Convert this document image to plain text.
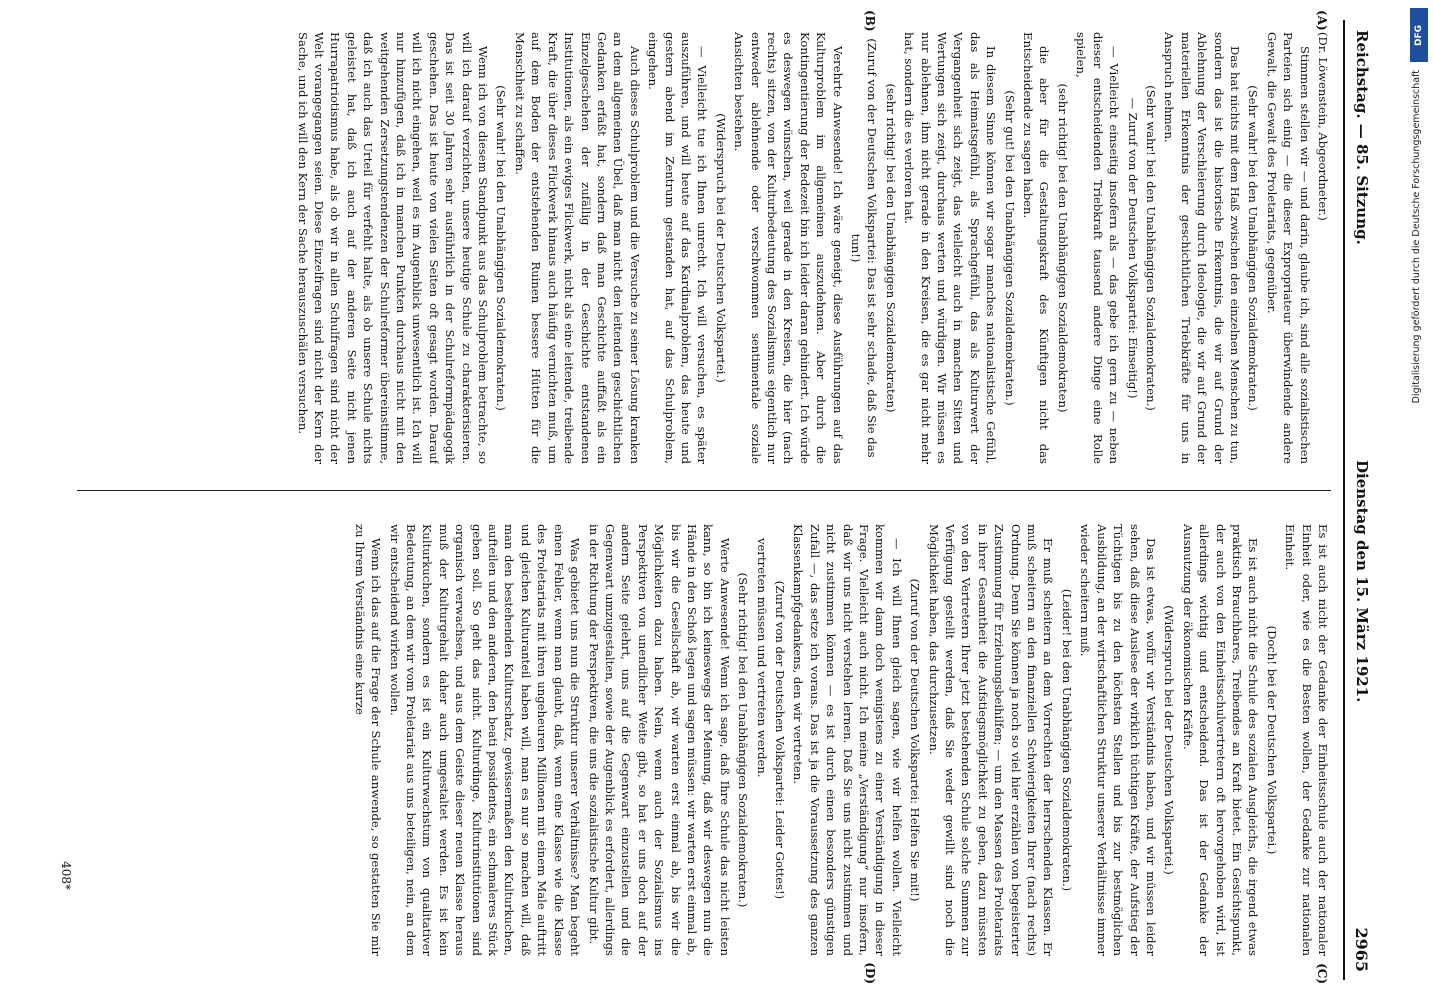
Reichstag. — 85. Sitzung.
Dienstag den 15. März 1921.
2965

(Dr. Löwenstein, Abgeordneter.)

Stimmen stellen wir — und darin, glaube ich, sind alle sozialistischen Parteien sich einig — die dieser Expropriateur überwindende andere Gewalt, die Gewalt des Proletariats, gegenüber.

(Sehr wahr! bei den Unabhängigen Sozialdemokraten.)

Das hat nichts mit dem Haß zwischen den einzelnen Menschen zu tun, sondern das ist die historische Erkenntnis, die wir auf Grund der Ablehnung der Verschleierung durch Ideologie, die wir auf Grund der materiellen Erkenntnis der geschichtlichen Triebkräfte für uns in Anspruch nehmen.

(Sehr wahr! bei den Unabhängigen Sozialdemokraten.)

— Zuruf von der Deutschen Volkspartei: Einseitig!)

— Vielleicht einseitig insofern als — das gebe ich gern zu — neben dieser entscheidenden Triebkraft tausend andere Dinge eine Rolle spielen,

(sehr richtig! bei den Unabhängigen Sozialdemokraten)

die aber für die Gestaltungskraft des Künftigen nicht das Entscheidende zu sagen haben.

(Sehr gut! bei den Unabhängigen Sozialdemokraten.)

In diesem Sinne können wir sogar manches nationalistische Gefühl, das als Heimatsgefühl, als Sprachgefühl, das als Kulturwert der Vergangenheit sich zeigt, das vielleicht auch in manchen Sitten und Wertungen sich zeigt, durchaus werten und würdigen. Wir müssen es nur ablehnen, ihm nicht gerade in den Kreisen, die es gar nicht mehr hat, sondern die es verloren hat.

(sehr richtig! bei den Unabhängigen Sozialdemokraten)

(Zuruf von der Deutschen Volkspartei: Das ist sehr schade, daß Sie das tun!)

Verehrte Anwesende! Ich wäre geneigt, diese Ausführungen auf das Kulturproblem im allgemeinen auszudehnen. Aber durch die Kontingentierung der Redezeit bin ich leider daran gehindert. Ich würde es deswegen wünschen, weil gerade in den Kreisen, die hier (nach rechts) sitzen, von der Kulturbedeutung des Sozialismus eigentlich nur entweder ablehnende oder verschwommen sentimentale soziale Ansichten bestehen.

(Widerspruch bei der Deutschen Volkspartei.)

— Vielleicht tue ich Ihnen unrecht. Ich will versuchen, es später auszuführen, und will heute auf das Kardinalproblem, das heute und gestern abend im Zentrum gestanden hat, auf das Schulproblem, eingehen.

Auch dieses Schulproblem und die Versuche zu seiner Lösung kranken an dem allgemeinen Übel, daß man nicht den leitenden geschichtlichen Gedanken erfaßt hat, sondern daß man Geschichte auffaßt als ein Einzelgeschehen der zufällig in der Geschichte entstandenen Institutionen, als ein ewiges Flickwerk, nicht als eine leitende, treibende Kraft, die über dieses Flickwerk hinaus auch häufig vernichten muß, um auf dem Boden der entstehenden Ruinen bessere Hütten für die Menschheit zu schaffen.

(Sehr wahr! bei den Unabhängigen Sozialdemokraten.)

Wenn ich von diesem Standpunkt aus das Schulproblem betrachte, so will ich darauf verzichten, unsere heutige Schule zu charakterisieren. Das ist seit 30 Jahren sehr ausführlich in der Schulreformpädagogik geschehen. Das ist heute von vielen Seiten oft gesagt worden. Darauf will ich nicht eingehen, weil es im Augenblick unwesentlich ist. Ich will nur hinzufügen, daß ich in manchen Punkten durchaus nicht mit den weitgehenden Zersetzungstendenzen der Schulreformer übereinstimme, daß ich auch das Urteil für verfehlt halte, als ob unsere Schule nichts geleistet hat, daß ich auch auf der anderen Seite nicht jenen Hurrapatriotismus habe, als ob wir in allen Schulfragen sind nicht der Welt vorangegangen seien. Diese Einzelfragen sind nicht der Kern der Sache, und ich will den Kern der Sache herauszuschälen versuchen.

Es ist auch nicht der Gedanke der Einheitsschule auch der nationaler Einheit oder, wie es die Besten wollen, der Gedanke zur nationalen Einheit.

(Doch! bei der Deutschen Volkspartei.)

Es ist auch nicht die Schule des sozialen Ausgleichs, die irgend etwas praktisch Brauchbares, Treibendes an Kraft bietet. Ein Gesichtspunkt, der auch von den Einheitsschulvertretern oft hervorgehoben wird, ist allerdings wichtig und entscheidend. Das ist der Gedanke der Ausnutzung der ökonomischen Kräfte.

(Widerspruch bei der Deutschen Volkspartei.)

Das ist etwas, wofür wir Verständnis haben, und wir müssen leider sehen, daß diese Auslese der wirklich tüchtigen Kräfte, der Aufstieg der Tüchtigen bis zu den höchsten Stellen und bis zur bestmöglichen Ausbildung, an der wirtschaftlichen Struktur unserer Verhältnisse immer wieder scheitern muß.

(Leider! bei den Unabhängigen Sozialdemokraten.)

Er muß scheitern an dem Vorrechten der herrschenden Klassen. Er muß scheitern an den finanziellen Schwierigkeiten Ihrer (nach rechts) Ordnung. Denn Sie können ja noch so viel hier erzählen von begeisterter Zustimmung für Erziehungsbeihilfen; — um den Massen des Proletariats in ihrer Gesamtheit die Aufstiegsmöglichkeit zu geben, dazu müssten von den Vertretern Ihrer jetzt bestehenden Schule solche Summen zur Verfügung gestellt werden, daß Sie weder gewillt sind noch die Möglichkeit haben, das durchzusetzen.

(Zuruf von der Deutschen Volkspartei: Helfen Sie mit!)

— Ich will Ihnen gleich sagen, wie wir helfen wollen. Vielleicht kommen wir dann doch wenigstens zu einer Verständigung in dieser Frage. Vielleicht auch nicht. Ich meine „Verständigung“ nur insofern, daß wir uns nicht verstehen lernen. Daß Sie uns nicht zustimmen und nicht zustimmen können — es ist durch einen besonders günstigen Zufall —, das setze ich voraus. Das ist ja die Voraussetzung des ganzen Klassenkampfgedankens, den wir vertreten.

(Zuruf von der Deutschen Volkspartei: Leider Gottes!)

vertreten müssen und vertreten werden.

(Sehr richtig! bei den Unabhängigen Sozialdemokraten.)

Werte Anwesende! Wenn ich sage, daß Ihre Schule das nicht leisten kann, so bin ich keineswegs der Meinung, daß wir deswegen nun die Hände in den Schoß legen und sagen müssen: wir warten erst einmal ab, bis wir die Gesellschaft ab, wir warten erst einmal ab, bis wir die Möglichkeiten dazu haben. Nein, wenn auch der Sozialismus ins Perspektiven von unendlicher Weite gibt, so hat er uns doch auf der andern Seite gelehrt, uns auf die Gegenwart einzustellen und die Gegenwart umzugestalten, sowie der Augenblick es erfordert, allerdings in der Richtung der Perspektiven, die uns die sozialistische Kultur gibt.

Was gebietet uns nun die Struktur unserer Verhältnisse? Man begeht einen Fehler, wenn man glaubt, daß, wenn eine Klasse wie die Klasse des Proletariats mit ihren ungeheuren Millionen mit einem Male auftritt und gleichen Kulturanteil haben will, man es nur so machen will, daß man den bestehenden Kulturschatz, gewissermaßen den Kulturkuchen, aufteilen und den anderen, den beati possidentes, ein schmaleres Stück geben soll. So geht das nicht. Kulturdinge, Kulturinstitutionen sind organisch verwachsen, und aus dem Geiste dieser neuen Klasse heraus muß der Kulturgehalt daher auch umgestaltet werden. Es ist kein Kulturkuchen, sondern es ist ein Kulturwachstum von qualitativer Bedeutung, an dem wir vom Proletariat aus uns beteiligen, nein, an dem wir entscheidend wirken wollen.

Wenn ich das auf die Frage der Schule anwende, so gestatten Sie mir zu Ihrem Verständnis eine kurze

(A)
(B)
(C)
(D)
408*
DFG
Digitalisierung gefördert durch die Deutsche Forschungsgemeinschaft
